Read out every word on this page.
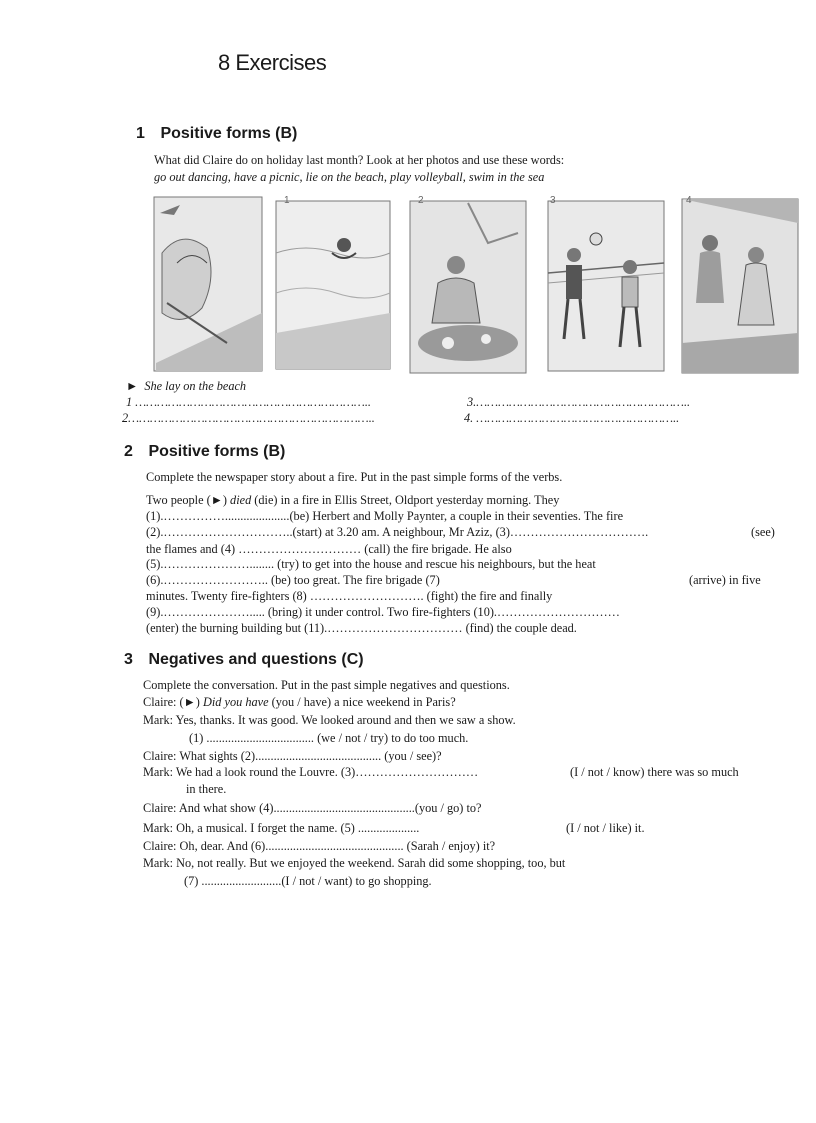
8 Exercises
1 Positive forms (B)
What did Claire do on holiday last month? Look at her photos and use these words:
go out dancing, have a picnic, lie on the beach, play volleyball, swim in the sea
1	2	3	4
► She lay on the beach
1 ………………………………………………………..	3.…………………………………………………..
2…………………………………………………………..	4. ………………………………………………..
2 Positive forms (B)
Complete the newspaper story about a fire. Put in the past simple forms of the verbs.
Two people (►) died (die) in a fire in Ellis Street, Oldport yesterday morning. They
(1).…………….....................(be) Herbert and Molly Paynter, a couple in their seventies. The fire
(2).…………………………..(start) at 3.20 am. A neighbour, Mr Aziz, (3)…………………………….	(see)
the flames and (4) ………………………… (call) the fire brigade. He also
(5).…………………........ (try) to get into the house and rescue his neighbours, but the heat
(6).…………………….. (be) too great. The fire brigade (7)	(arrive) in five
minutes. Twenty fire-fighters (8) ………………………. (fight) the fire and finally
(9).…………………..... (bring) it under control. Two fire-fighters (10).…………………………
(enter) the burning building but (11).…………………………… (find) the couple dead.
3 Negatives and questions (C)
Complete the conversation. Put in the past simple negatives and questions.
Claire: (►) Did you have (you / have) a nice weekend in Paris?
Mark: Yes, thanks. It was good. We looked around and then we saw a show.
(1) ................................... (we / not / try) to do too much.
Claire: What sights (2)......................................... (you / see)?
Mark: We had a look round the Louvre. (3)…………………………	(I / not / know) there was so much
in there.
Claire: And what show (4)..............................................(you / go) to?
Mark: Oh, a musical. I forget the name. (5) ....................	(I / not / like) it.
Claire: Oh, dear. And (6)............................................. (Sarah / enjoy) it?
Mark: No, not really. But we enjoyed the weekend. Sarah did some shopping, too, but
(7) ..........................(I / not / want) to go shopping.
